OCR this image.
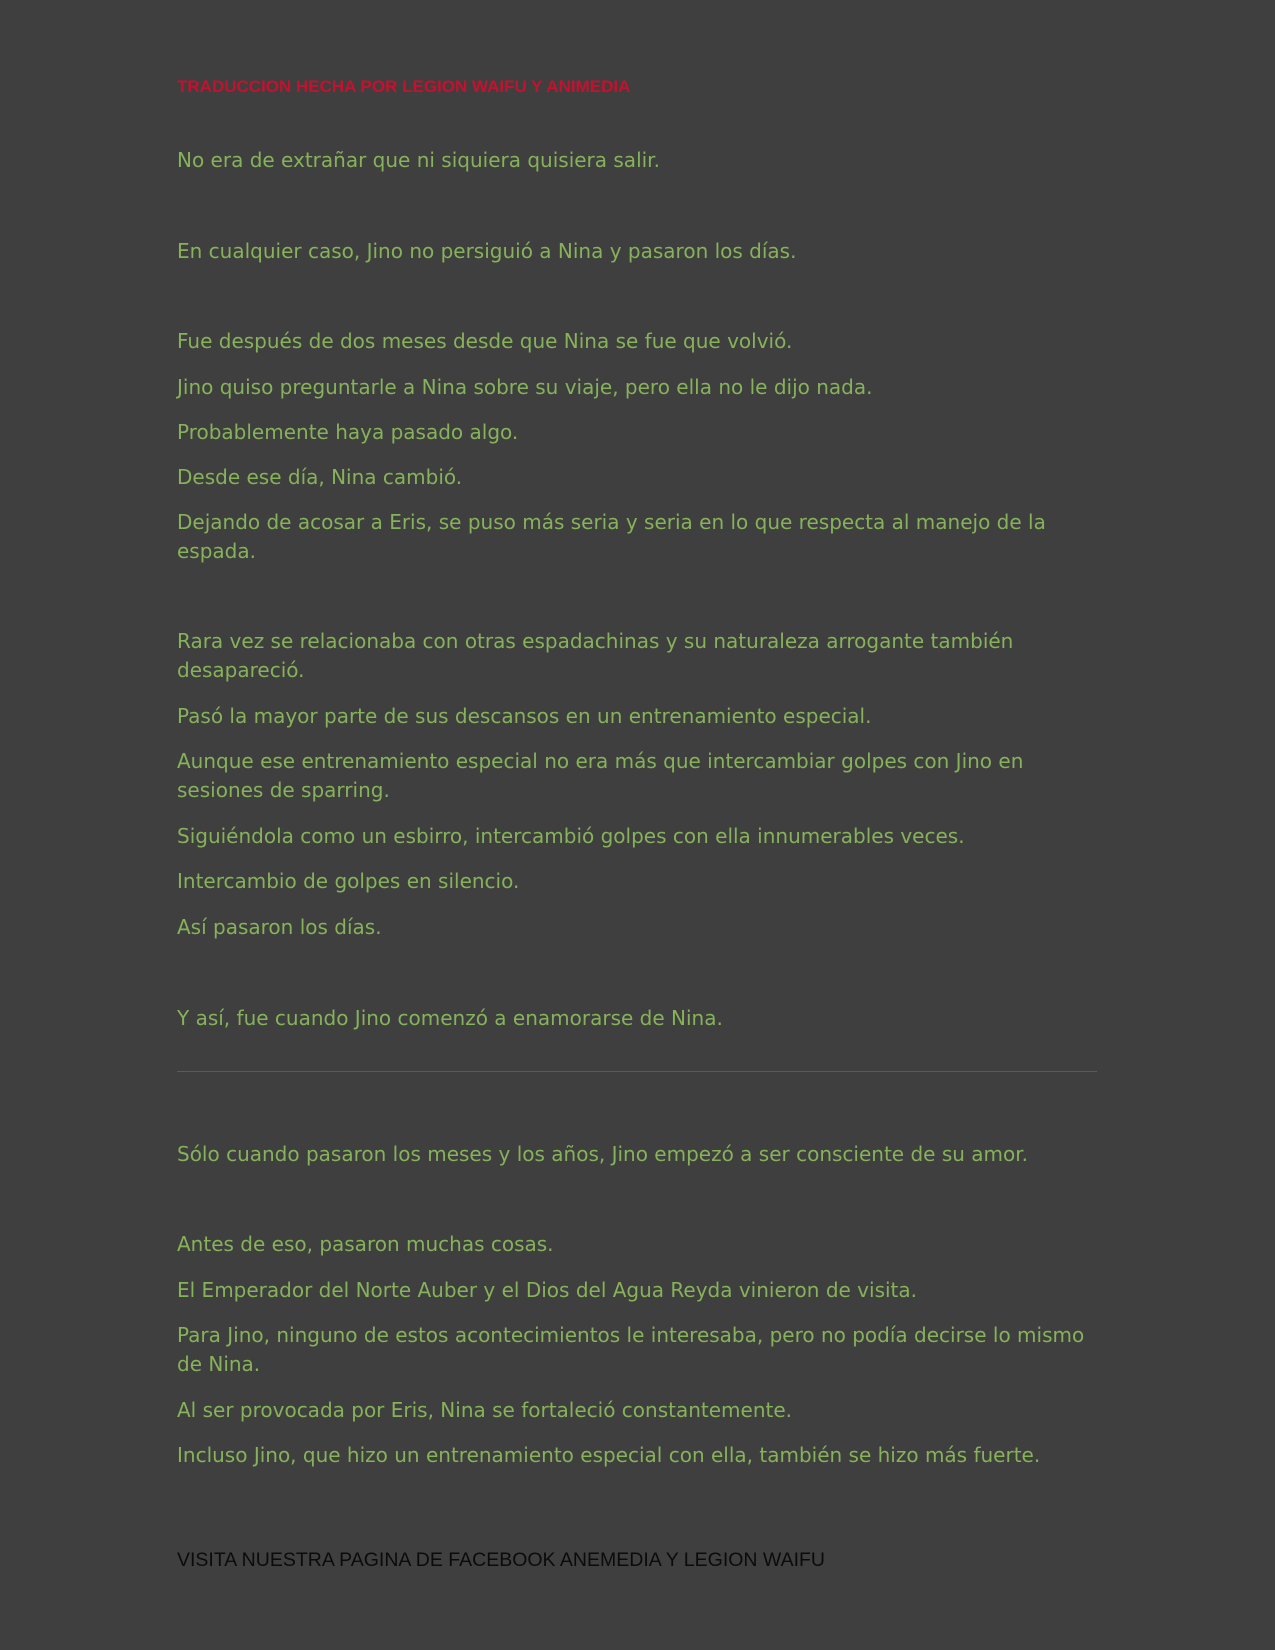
TRADUCCION HECHA POR LEGION WAIFU Y ANIMEDIA

No era de extrañar que ni siquiera quisiera salir.

En cualquier caso, Jino no persiguió a Nina y pasaron los días.

Fue después de dos meses desde que Nina se fue que volvió.

Jino quiso preguntarle a Nina sobre su viaje, pero ella no le dijo nada.

Probablemente haya pasado algo.

Desde ese día, Nina cambió.

Dejando de acosar a Eris, se puso más seria y seria en lo que respecta al manejo de la espada.

Rara vez se relacionaba con otras espadachinas y su naturaleza arrogante también desapareció.

Pasó la mayor parte de sus descansos en un entrenamiento especial.

Aunque ese entrenamiento especial no era más que intercambiar golpes con Jino en sesiones de sparring.

Siguiéndola como un esbirro, intercambió golpes con ella innumerables veces.

Intercambio de golpes en silencio.

Así pasaron los días.

Y así, fue cuando Jino comenzó a enamorarse de Nina.

Sólo cuando pasaron los meses y los años, Jino empezó a ser consciente de su amor.

Antes de eso, pasaron muchas cosas.

El Emperador del Norte Auber y el Dios del Agua Reyda vinieron de visita.

Para Jino, ninguno de estos acontecimientos le interesaba, pero no podía decirse lo mismo de Nina.

Al ser provocada por Eris, Nina se fortaleció constantemente.

Incluso Jino, que hizo un entrenamiento especial con ella, también se hizo más fuerte.

VISITA NUESTRA PAGINA DE FACEBOOK ANEMEDIA Y LEGION WAIFU
